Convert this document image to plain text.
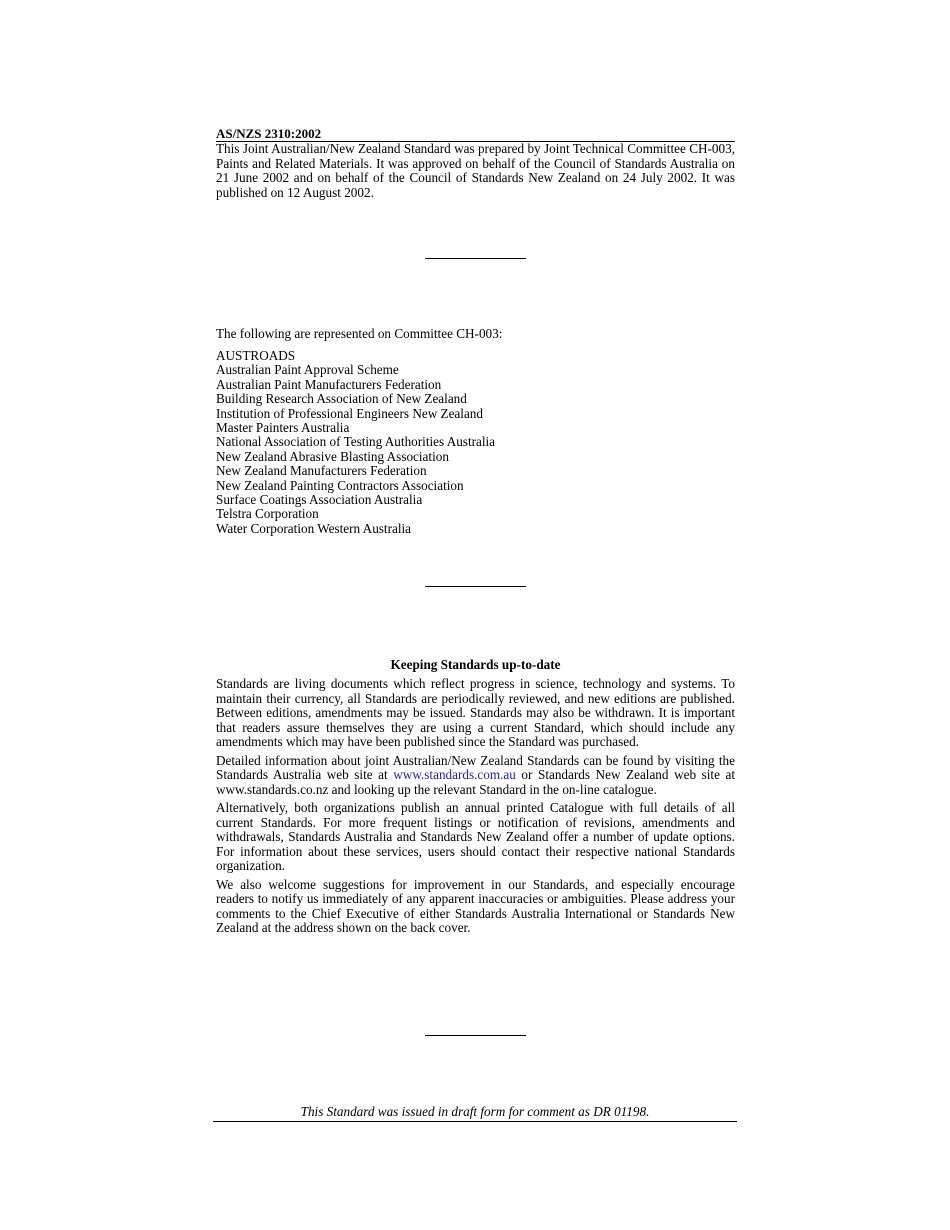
AS/NZS 2310:2002

This Joint Australian/New Zealand Standard was prepared by Joint Technical Committee CH-003, Paints and Related Materials. It was approved on behalf of the Council of Standards Australia on 21 June 2002 and on behalf of the Council of Standards New Zealand on 24 July 2002. It was published on 12 August 2002.

The following are represented on Committee CH-003:
AUSTROADS
Australian Paint Approval Scheme
Australian Paint Manufacturers Federation
Building Research Association of New Zealand
Institution of Professional Engineers New Zealand
Master Painters Australia
National Association of Testing Authorities Australia
New Zealand Abrasive Blasting Association
New Zealand Manufacturers Federation
New Zealand Painting Contractors Association
Surface Coatings Association Australia
Telstra Corporation
Water Corporation Western Australia
Keeping Standards up-to-date

Standards are living documents which reflect progress in science, technology and systems. To maintain their currency, all Standards are periodically reviewed, and new editions are published. Between editions, amendments may be issued. Standards may also be withdrawn. It is important that readers assure themselves they are using a current Standard, which should include any amendments which may have been published since the Standard was purchased.

Detailed information about joint Australian/New Zealand Standards can be found by visiting the Standards Australia web site at www.standards.com.au or Standards New Zealand web site at www.standards.co.nz and looking up the relevant Standard in the on-line catalogue.

Alternatively, both organizations publish an annual printed Catalogue with full details of all current Standards. For more frequent listings or notification of revisions, amendments and withdrawals, Standards Australia and Standards New Zealand offer a number of update options. For information about these services, users should contact their respective national Standards organization.

We also welcome suggestions for improvement in our Standards, and especially encourage readers to notify us immediately of any apparent inaccuracies or ambiguities. Please address your comments to the Chief Executive of either Standards Australia International or Standards New Zealand at the address shown on the back cover.

This Standard was issued in draft form for comment as DR 01198.
